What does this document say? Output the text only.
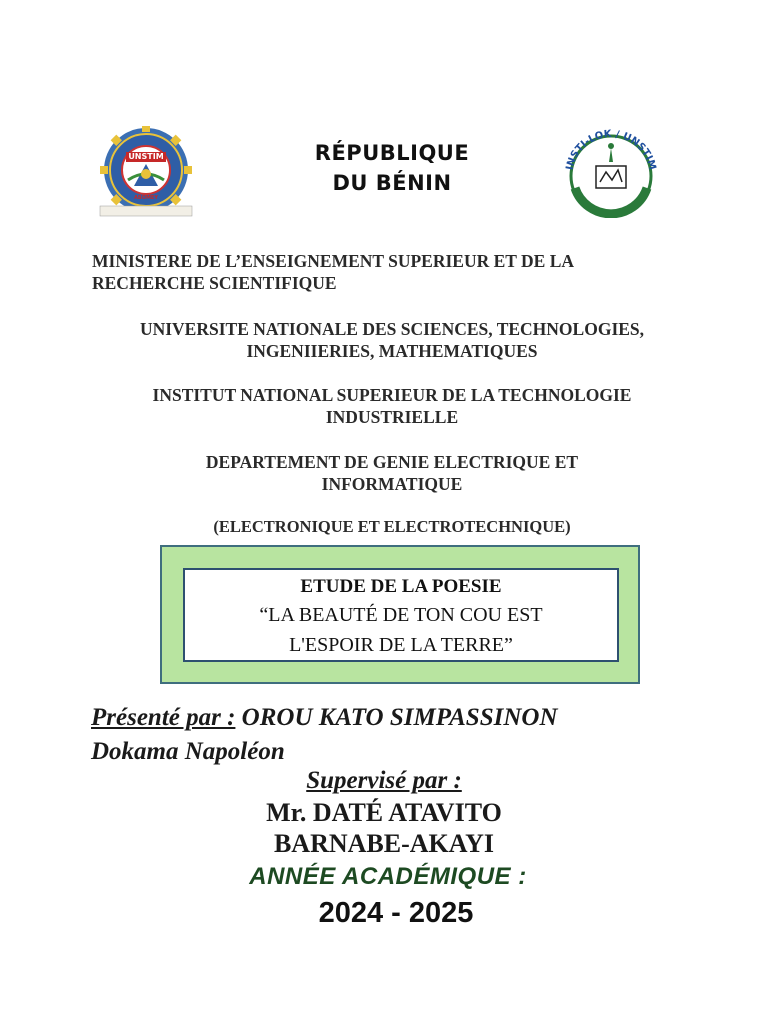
UNSTIM
ABOMEY
INSTI-LOK / UNSTIM
RÉPUBLIQUE
DU BÉNIN
MINISTERE DE L’ENSEIGNEMENT SUPERIEUR ET DE LA
RECHERCHE SCIENTIFIQUE
UNIVERSITE NATIONALE DES SCIENCES, TECHNOLOGIES,
INGENIIERIES, MATHEMATIQUES
INSTITUT NATIONAL SUPERIEUR DE LA TECHNOLOGIE
INDUSTRIELLE
DEPARTEMENT DE GENIE ELECTRIQUE ET
INFORMATIQUE
(ELECTRONIQUE ET ELECTROTECHNIQUE)
ETUDE DE LA POESIE
“LA BEAUTÉ DE TON COU EST
L'ESPOIR DE LA TERRE”
Présenté par : OROU KATO SIMPASSINON
Dokama Napoléon
Supervisé par :
Mr. DATÉ ATAVITO
BARNABE-AKAYI
ANNÉE ACADÉMIQUE :
2024 - 2025
